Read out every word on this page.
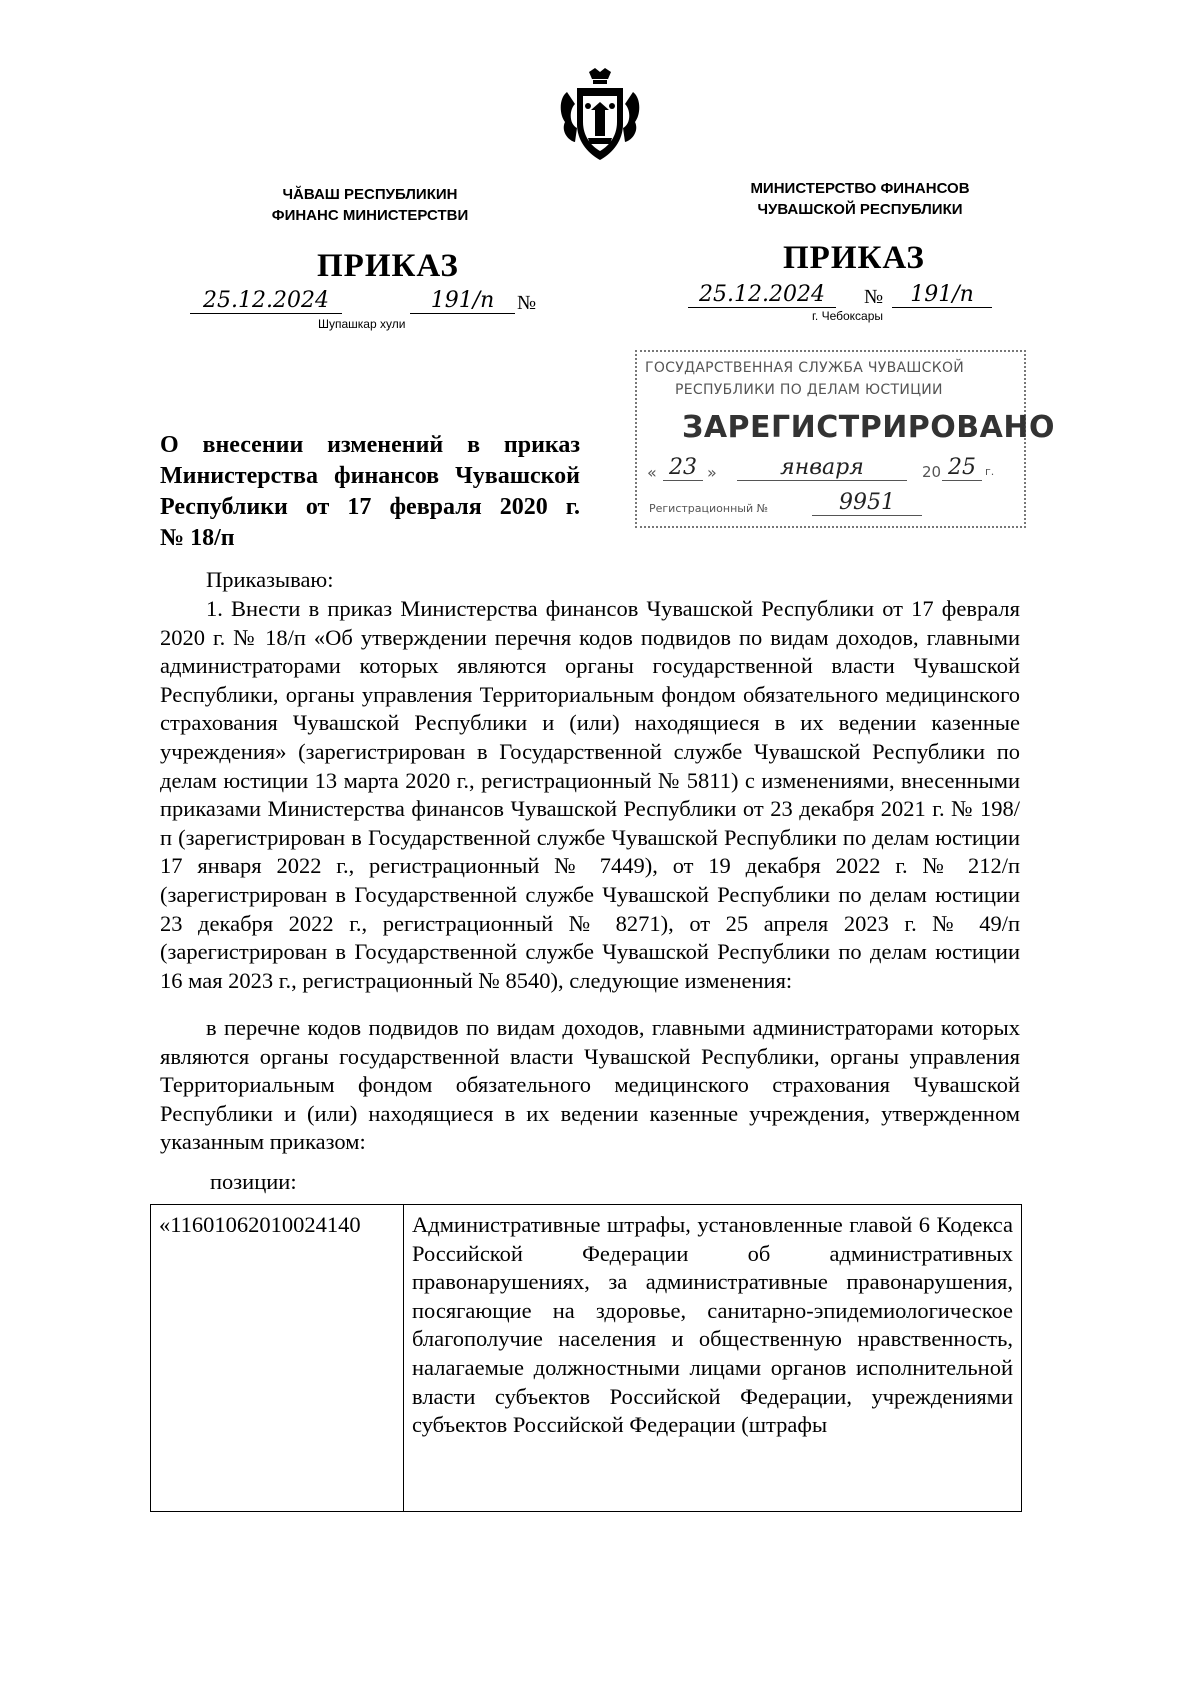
ЧӐВАШ РЕСПУБЛИКИН
ФИНАНС МИНИСТЕРСТВИ
МИНИСТЕРСТВО ФИНАНСОВ
ЧУВАШСКОЙ РЕСПУБЛИКИ
ПРИКАЗ
25.12.2024	191/п	№
Шупашкар хули
ПРИКАЗ
25.12.2024	№	191/п
г. Чебоксары
ГОСУДАРСТВЕННАЯ СЛУЖБА ЧУВАШСКОЙ
РЕСПУБЛИКИ ПО ДЕЛАМ ЮСТИЦИИ
ЗАРЕГИСТРИРОВАНО
« 23 »	января	20 25 г.
Регистрационный №	9951
О внесении изменений в приказ
Министерства финансов Чувашской
Республики от 17 февраля 2020 г.
№ 18/п
Приказываю:
1. Внести в приказ Министерства финансов Чувашской Республики от 17 февраля 2020 г. № 18/п «Об утверждении перечня кодов подвидов по видам доходов, главными администраторами которых являются органы государственной власти Чувашской Республики, органы управления Территориальным фондом обязательного медицинского страхования Чувашской Республики и (или) находящиеся в их ведении казенные учреждения» (зарегистрирован в Государственной службе Чувашской Республики по делам юстиции 13 марта 2020 г., регистрационный № 5811) с изменениями, внесенными приказами Министерства финансов Чувашской Республики от 23 декабря 2021 г. № 198/п (зарегистрирован в Государственной службе Чувашской Республики по делам юстиции 17 января 2022 г., регистрационный № 7449), от 19 декабря 2022 г. № 212/п (зарегистрирован в Государственной службе Чувашской Республики по делам юстиции 23 декабря 2022 г., регистрационный № 8271), от 25 апреля 2023 г. № 49/п (зарегистрирован в Государственной службе Чувашской Республики по делам юстиции 16 мая 2023 г., регистрационный № 8540), следующие изменения:
в перечне кодов подвидов по видам доходов, главными администраторами которых являются органы государственной власти Чувашской Республики, органы управления Территориальным фондом обязательного медицинского страхования Чувашской Республики и (или) находящиеся в их ведении казенные учреждения, утвержденном указанным приказом:
позиции:
«11601062010024140	Административные штрафы, установленные главой 6 Кодекса Российской Федерации об административных правонарушениях, за административные правонарушения, посягающие на здоровье, санитарно-эпидемиологическое благополучие населения и общественную нравственность, налагаемые должностными лицами органов исполнительной власти субъектов Российской Федерации, учреждениями субъектов Российской Федерации (штрафы
